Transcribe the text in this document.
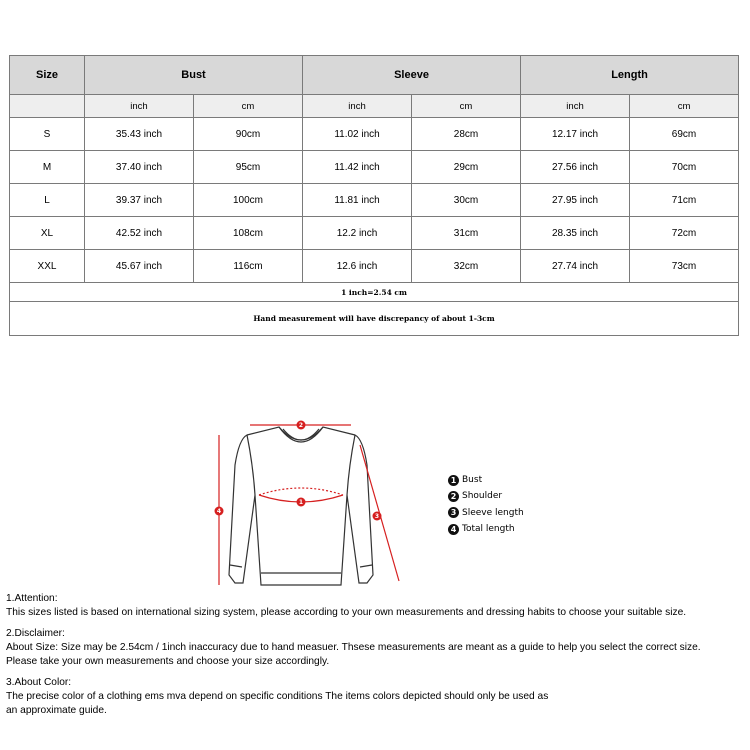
Size	Bust		Sleeve		Length	
	inch	cm	inch	cm	inch	cm
S	35.43 inch	90cm	11.02 inch	28cm	12.17 inch	69cm
M	37.40 inch	95cm	11.42 inch	29cm	27.56 inch	70cm
L	39.37 inch	100cm	11.81 inch	30cm	27.95 inch	71cm
XL	42.52 inch	108cm	12.2 inch	31cm	28.35 inch	72cm
XXL	45.67 inch	116cm	12.6 inch	32cm	27.74 inch	73cm
1 inch=2.54 cm						
Hand measurement will have discrepancy of about 1-3cm						
2
1
3
4
1 Bust
2 Shoulder
3 Sleeve length
4 Total length

1.Attention:

This sizes listed is based on international sizing system, please according to your own measurements and dressing habits to choose your suitable size.

2.Disclaimer:

About Size: Size may be 2.54cm / 1inch inaccuracy due to hand measuer. Thsese measurements are meant as a guide to help you select the correct size.

Please take your own measurements and choose your size accordingly.

3.About Color:

The precise color of a clothing ems mva depend on specific conditions The items colors depicted should only be used as

an approximate guide.
